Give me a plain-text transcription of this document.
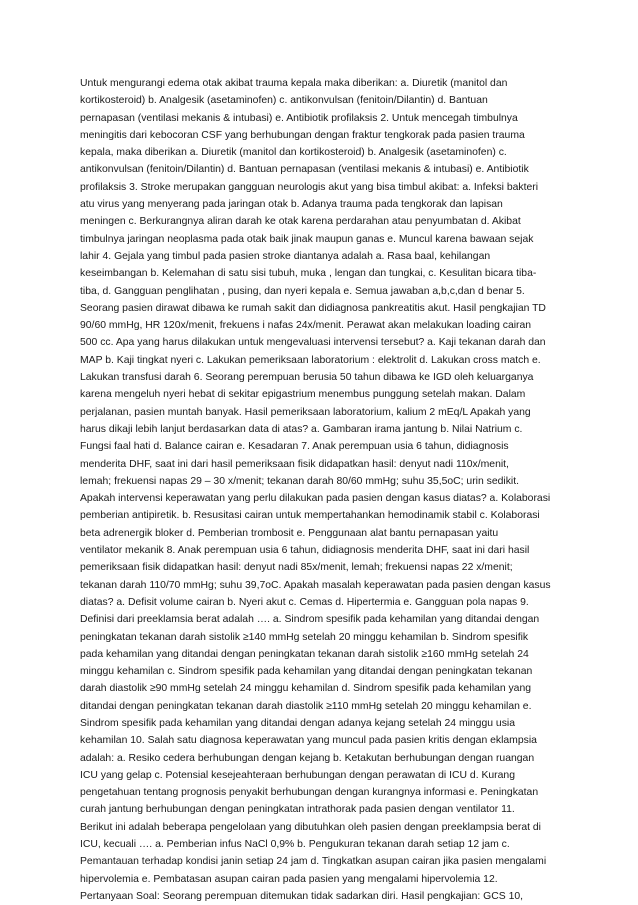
Untuk mengurangi edema otak akibat trauma kepala maka diberikan: a. Diuretik (manitol dan
kortikosteroid) b. Analgesik (asetaminofen) c. antikonvulsan (fenitoin/Dilantin) d. Bantuan
pernapasan (ventilasi mekanis & intubasi) e. Antibiotik profilaksis 2. Untuk mencegah timbulnya
meningitis dari kebocoran CSF yang berhubungan dengan fraktur tengkorak pada pasien trauma
kepala, maka diberikan a. Diuretik (manitol dan kortikosteroid) b. Analgesik (asetaminofen) c.
antikonvulsan (fenitoin/Dilantin) d. Bantuan pernapasan (ventilasi mekanis & intubasi) e. Antibiotik
profilaksis 3. Stroke merupakan gangguan neurologis akut yang bisa timbul akibat: a. Infeksi bakteri
atu virus yang menyerang pada jaringan otak b. Adanya trauma pada tengkorak dan lapisan
meningen c. Berkurangnya aliran darah ke otak karena perdarahan atau penyumbatan d. Akibat
timbulnya jaringan neoplasma pada otak baik jinak maupun ganas e. Muncul karena bawaan sejak
lahir 4. Gejala yang timbul pada pasien stroke diantanya adalah a. Rasa baal, kehilangan
keseimbangan b. Kelemahan di satu sisi tubuh, muka , lengan dan tungkai, c. Kesulitan bicara tiba-
tiba, d. Gangguan penglihatan , pusing, dan nyeri kepala e. Semua jawaban a,b,c,dan d benar 5.
Seorang pasien dirawat dibawa ke rumah sakit dan didiagnosa pankreatitis akut. Hasil pengkajian TD
90/60 mmHg, HR 120x/menit, frekuens i nafas 24x/menit. Perawat akan melakukan loading cairan
500 cc. Apa yang harus dilakukan untuk mengevaluasi intervensi tersebut? a. Kaji tekanan darah dan
MAP b. Kaji tingkat nyeri c. Lakukan pemeriksaan laboratorium : elektrolit d. Lakukan cross match e.
Lakukan transfusi darah 6. Seorang perempuan berusia 50 tahun dibawa ke IGD oleh keluarganya
karena mengeluh nyeri hebat di sekitar epigastrium menembus punggung setelah makan. Dalam
perjalanan, pasien muntah banyak. Hasil pemeriksaan laboratorium, kalium 2 mEq/L Apakah yang
harus dikaji lebih lanjut berdasarkan data di atas? a. Gambaran irama jantung b. Nilai Natrium c.
Fungsi faal hati d. Balance cairan e. Kesadaran 7. Anak perempuan usia 6 tahun, didiagnosis
menderita DHF, saat ini dari hasil pemeriksaan fisik didapatkan hasil: denyut nadi 110x/menit,
lemah; frekuensi napas 29 – 30 x/menit; tekanan darah 80/60 mmHg; suhu 35,5oC; urin sedikit.
Apakah intervensi keperawatan yang perlu dilakukan pada pasien dengan kasus diatas? a. Kolaborasi
pemberian antipiretik. b. Resusitasi cairan untuk mempertahankan hemodinamik stabil c. Kolaborasi
beta adrenergik bloker d. Pemberian trombosit e. Penggunaan alat bantu pernapasan yaitu
ventilator mekanik 8. Anak perempuan usia 6 tahun, didiagnosis menderita DHF, saat ini dari hasil
pemeriksaan fisik didapatkan hasil: denyut nadi 85x/menit, lemah; frekuensi napas 22 x/menit;
tekanan darah 110/70 mmHg; suhu 39,7oC. Apakah masalah keperawatan pada pasien dengan kasus
diatas? a. Defisit volume cairan b. Nyeri akut c. Cemas d. Hipertermia e. Gangguan pola napas 9.
Definisi dari preeklamsia berat adalah …. a. Sindrom spesifik pada kehamilan yang ditandai dengan
peningkatan tekanan darah sistolik ≥140 mmHg setelah 20 minggu kehamilan b. Sindrom spesifik
pada kehamilan yang ditandai dengan peningkatan tekanan darah sistolik ≥160 mmHg setelah 24
minggu kehamilan c. Sindrom spesifik pada kehamilan yang ditandai dengan peningkatan tekanan
darah diastolik ≥90 mmHg setelah 24 minggu kehamilan d. Sindrom spesifik pada kehamilan yang
ditandai dengan peningkatan tekanan darah diastolik ≥110 mmHg setelah 20 minggu kehamilan e.
Sindrom spesifik pada kehamilan yang ditandai dengan adanya kejang setelah 24 minggu usia
kehamilan 10. Salah satu diagnosa keperawatan yang muncul pada pasien kritis dengan eklampsia
adalah: a. Resiko cedera berhubungan dengan kejang b. Ketakutan berhubungan dengan ruangan
ICU yang gelap c. Potensial kesejeahteraan berhubungan dengan perawatan di ICU d. Kurang
pengetahuan tentang prognosis penyakit berhubungan dengan kurangnya informasi e. Peningkatan
curah jantung berhubungan dengan peningkatan intrathorak pada pasien dengan ventilator 11.
Berikut ini adalah beberapa pengelolaan yang dibutuhkan oleh pasien dengan preeklampsia berat di
ICU, kecuali …. a. Pemberian infus NaCl 0,9% b. Pengukuran tekanan darah setiap 12 jam c.
Pemantauan terhadap kondisi janin setiap 24 jam d. Tingkatkan asupan cairan jika pasien mengalami
hipervolemia e. Pembatasan asupan cairan pada pasien yang mengalami hipervolemia 12.
Pertanyaan Soal: Seorang perempuan ditemukan tidak sadarkan diri. Hasil pengkajian: GCS 10,
